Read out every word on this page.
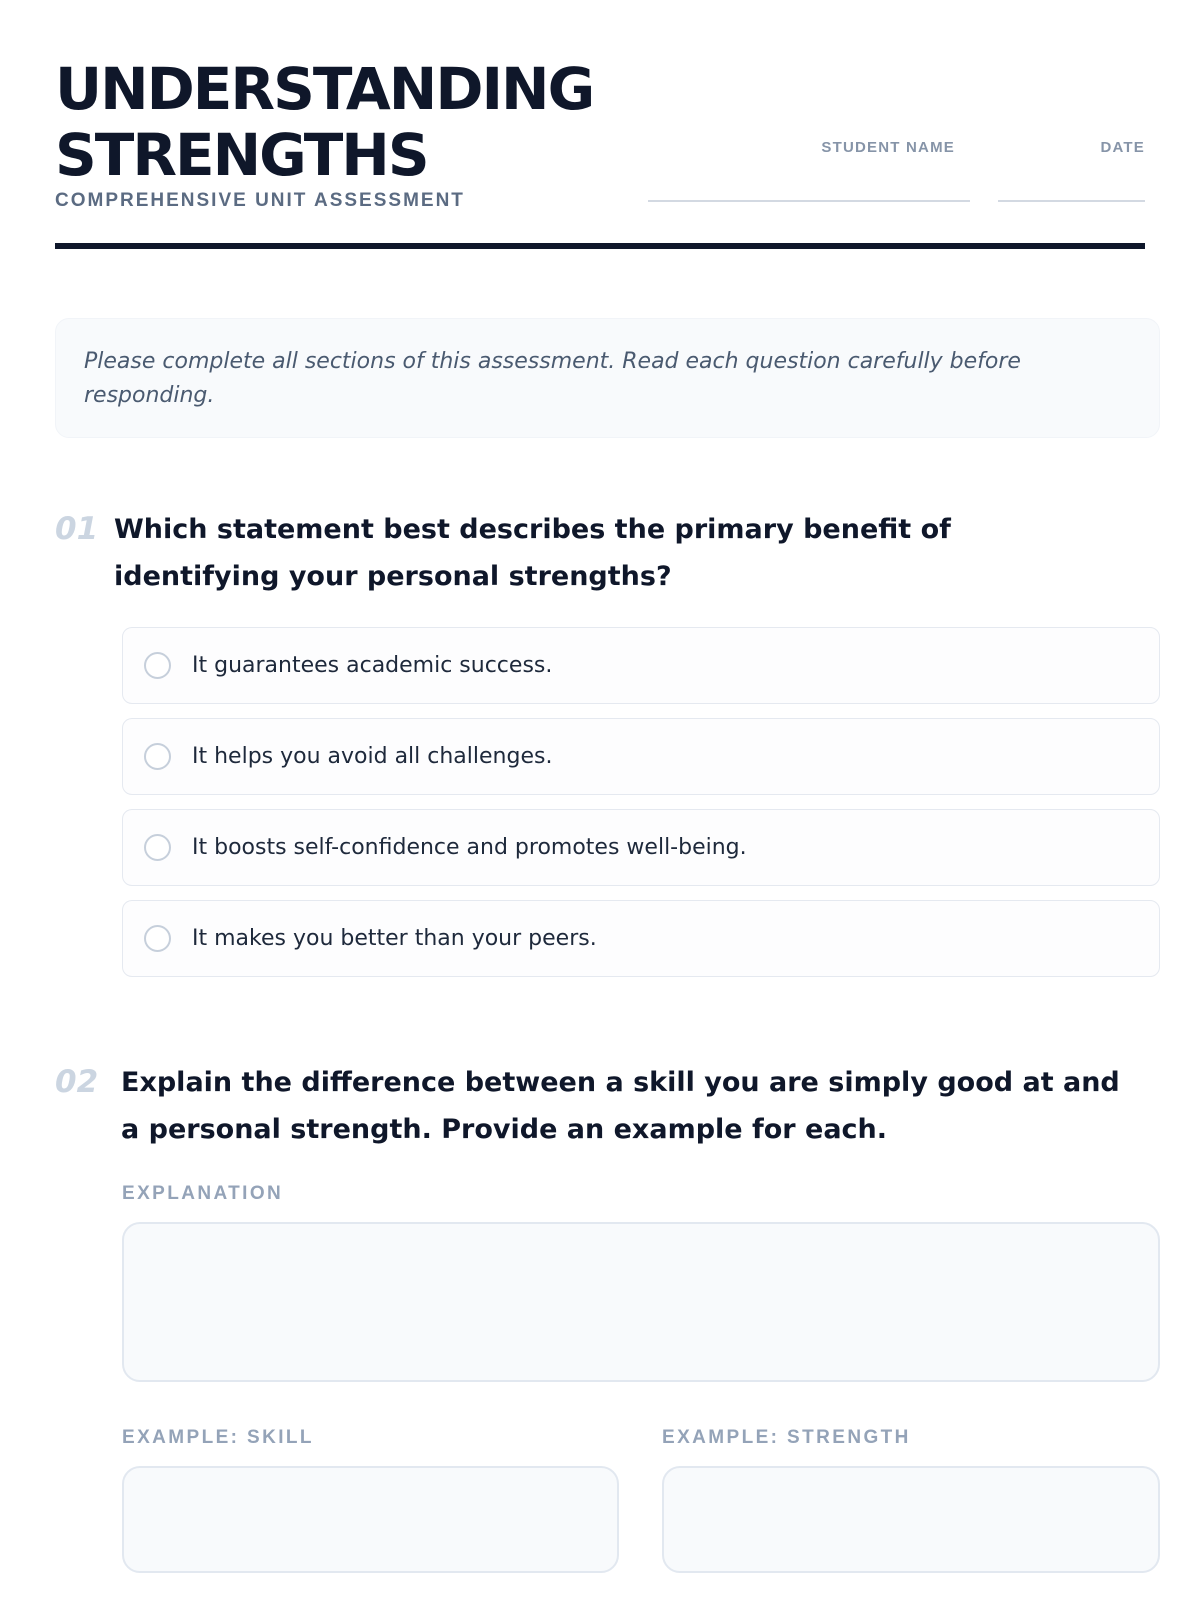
UNDERSTANDING
STRENGTHS
COMPREHENSIVE UNIT ASSESSMENT
STUDENT NAME	DATE
Please complete all sections of this assessment. Read each question carefully before responding.
01 Which statement best describes the primary benefit of identifying your personal strengths?
It guarantees academic success.
It helps you avoid all challenges.
It boosts self-confidence and promotes well-being.
It makes you better than your peers.
02 Explain the difference between a skill you are simply good at and a personal strength. Provide an example for each.
EXPLANATION
EXAMPLE: SKILL	EXAMPLE: STRENGTH
